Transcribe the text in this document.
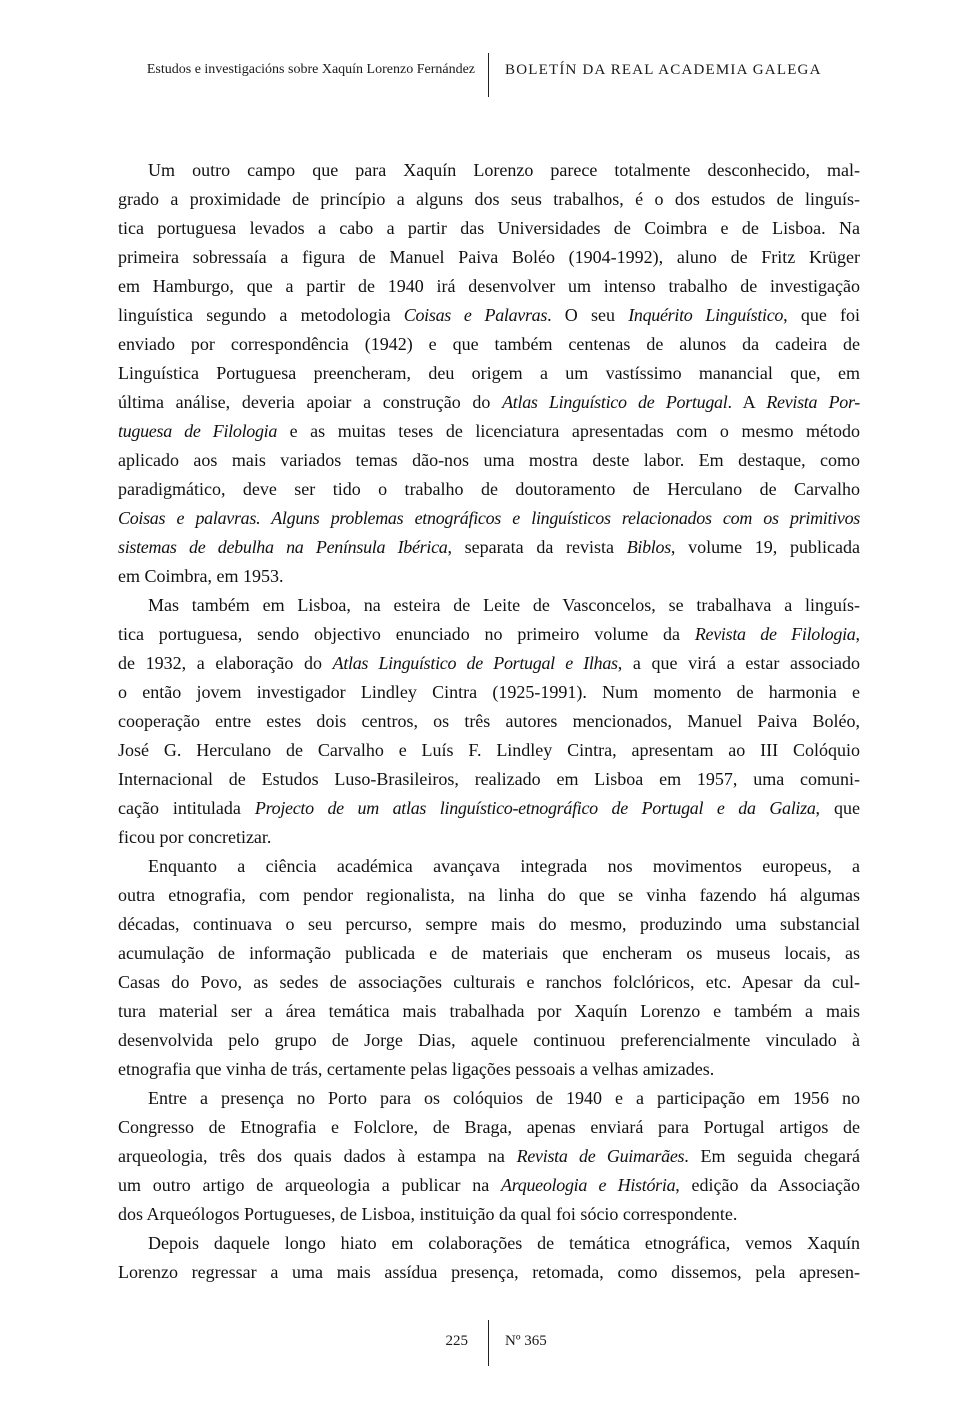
Estudos e investigacións sobre Xaquín Lorenzo Fernández BOLETÍN DA REAL ACADEMIA GALEGA
Um outro campo que para Xaquín Lorenzo parece totalmente desconhecido, mal-
grado a proximidade de princípio a alguns dos seus trabalhos, é o dos estudos de linguís-
tica portuguesa levados a cabo a partir das Universidades de Coimbra e de Lisboa. Na
primeira sobressaía a figura de Manuel Paiva Boléo (1904-1992), aluno de Fritz Krüger
em Hamburgo, que a partir de 1940 irá desenvolver um intenso trabalho de investigação
linguística segundo a metodologia Coisas e Palavras. O seu Inquérito Linguístico, que foi
enviado por correspondência (1942) e que também centenas de alunos da cadeira de
Linguística Portuguesa preencheram, deu origem a um vastíssimo manancial que, em
última análise, deveria apoiar a construção do Atlas Linguístico de Portugal. A Revista Por-
tuguesa de Filologia e as muitas teses de licenciatura apresentadas com o mesmo método
aplicado aos mais variados temas dão-nos uma mostra deste labor. Em destaque, como
paradigmático, deve ser tido o trabalho de doutoramento de Herculano de Carvalho
Coisas e palavras. Alguns problemas etnográficos e linguísticos relacionados com os primitivos
sistemas de debulha na Península Ibérica, separata da revista Biblos, volume 19, publicada
em Coimbra, em 1953.
Mas também em Lisboa, na esteira de Leite de Vasconcelos, se trabalhava a linguís-
tica portuguesa, sendo objectivo enunciado no primeiro volume da Revista de Filologia,
de 1932, a elaboração do Atlas Linguístico de Portugal e Ilhas, a que virá a estar associado
o então jovem investigador Lindley Cintra (1925-1991). Num momento de harmonia e
cooperação entre estes dois centros, os três autores mencionados, Manuel Paiva Boléo,
José G. Herculano de Carvalho e Luís F. Lindley Cintra, apresentam ao III Colóquio
Internacional de Estudos Luso-Brasileiros, realizado em Lisboa em 1957, uma comuni-
cação intitulada Projecto de um atlas linguístico-etnográfico de Portugal e da Galiza, que
ficou por concretizar.
Enquanto a ciência académica avançava integrada nos movimentos europeus, a
outra etnografia, com pendor regionalista, na linha do que se vinha fazendo há algumas
décadas, continuava o seu percurso, sempre mais do mesmo, produzindo uma substancial
acumulação de informação publicada e de materiais que encheram os museus locais, as
Casas do Povo, as sedes de associações culturais e ranchos folclóricos, etc. Apesar da cul-
tura material ser a área temática mais trabalhada por Xaquín Lorenzo e também a mais
desenvolvida pelo grupo de Jorge Dias, aquele continuou preferencialmente vinculado à
etnografia que vinha de trás, certamente pelas ligações pessoais a velhas amizades.
Entre a presença no Porto para os colóquios de 1940 e a participação em 1956 no
Congresso de Etnografia e Folclore, de Braga, apenas enviará para Portugal artigos de
arqueologia, três dos quais dados à estampa na Revista de Guimarães. Em seguida chegará
um outro artigo de arqueologia a publicar na Arqueologia e História, edição da Associação
dos Arqueólogos Portugueses, de Lisboa, instituição da qual foi sócio correspondente.
Depois daquele longo hiato em colaborações de temática etnográfica, vemos Xaquín
Lorenzo regressar a uma mais assídua presença, retomada, como dissemos, pela apresen-
225 Nº 365
